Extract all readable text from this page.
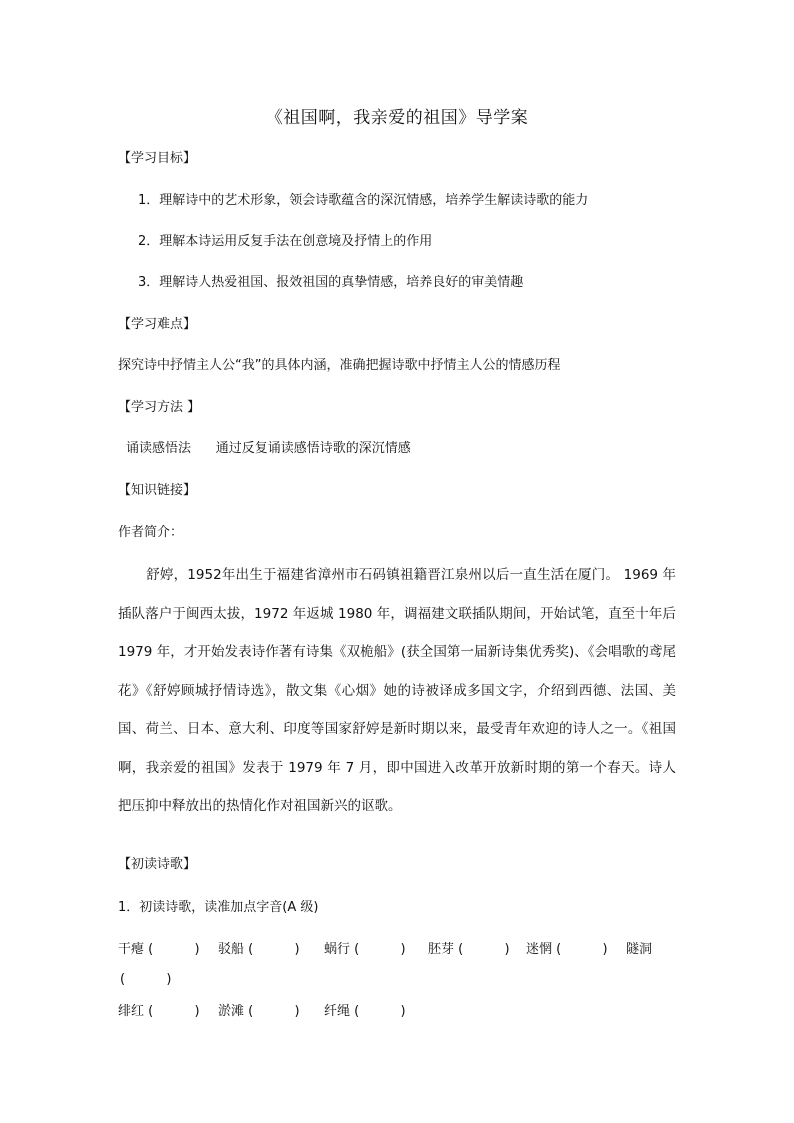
《祖国啊，我亲爱的祖国》导学案
【学习目标】
1．理解诗中的艺术形象，领会诗歌蕴含的深沉情感，培养学生解读诗歌的能力
2．理解本诗运用反复手法在创意境及抒情上的作用
3．理解诗人热爱祖国、报效祖国的真挚情感，培养良好的审美情趣
【学习难点】
探究诗中抒情主人公“我”的具体内涵，准确把握诗歌中抒情主人公的情感历程
【学习方法 】
诵读感悟法      通过反复诵读感悟诗歌的深沉情感
【知识链接】
作者简介：
舒婷，1952年出生于福建省漳州市石码镇祖籍晋江泉州以后一直生活在厦门。 1969 年插队落户于闽西太拔，1972 年返城 1980 年，调福建文联插队期间，开始试笔，直至十年后 1979 年，才开始发表诗作著有诗集《双桅船》(获全国第一届新诗集优秀奖)、《会唱歌的鸢尾花》《舒婷顾城抒情诗选》，散文集《心烟》她的诗被译成多国文字，介绍到西德、法国、美国、荷兰、日本、意大利、印度等国家舒婷是新时期以来，最受青年欢迎的诗人之一。《祖国啊，我亲爱的祖国》发表于 1979 年 7 月，即中国进入改革开放新时期的第一个春天。诗人把压抑中释放出的热情化作对祖国新兴的讴歌。
【初读诗歌】
1．初读诗歌，读准加点字音(A 级)
干瘪 (          ) 驳船 (          ) 蜗行 (          ) 胚芽 (          ) 迷惘 (          ) 隧洞
(          )
绯红 (          ) 淤滩 (          ) 纤绳 (          )
